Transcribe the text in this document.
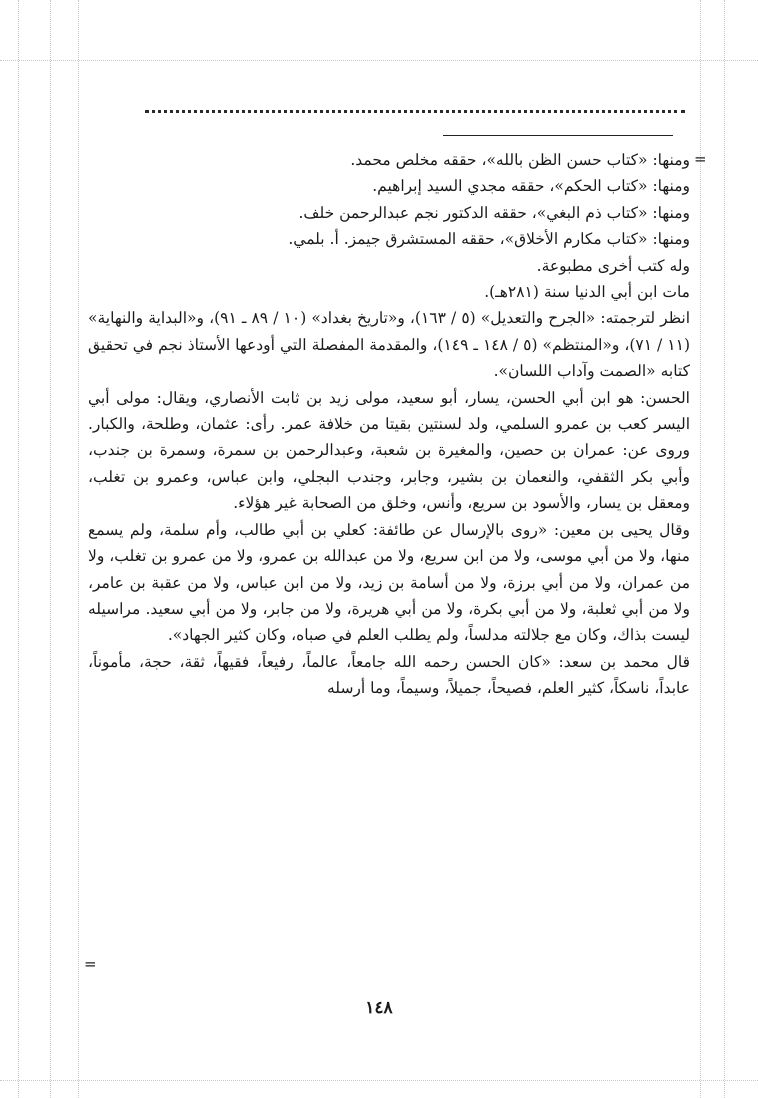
=
=

ومنها: «كتاب حسن الظن بالله»، حققه مخلص محمد.

ومنها: «كتاب الحكم»، حققه مجدي السيد إبراهيم.

ومنها: «كتاب ذم البغي»، حققه الدكتور نجم عبدالرحمن خلف.

ومنها: «كتاب مكارم الأخلاق»، حققه المستشرق جيمز. أ. بلمي.

وله كتب أخرى مطبوعة.

مات ابن أبي الدنيا سنة (٢٨١هـ).

انظر لترجمته: «الجرح والتعديل» (٥ / ١٦٣)، و«تاريخ بغداد» (١٠ / ٨٩ ـ ٩١)، و«البداية والنهاية» (١١ / ٧١)، و«المنتظم» (٥ / ١٤٨ ـ ١٤٩)، والمقدمة المفصلة التي أودعها الأستاذ نجم في تحقيق كتابه «الصمت وآداب اللسان».

الحسن: هو ابن أبي الحسن، يسار، أبو سعيد، مولى زيد بن ثابت الأنصاري، ويقال: مولى أبي اليسر كعب بن عمرو السلمي، ولد لسنتين بقيتا من خلافة عمر. رأى: عثمان، وطلحة، والكبار. وروى عن: عمران بن حصين، والمغيرة بن شعبة، وعبدالرحمن بن سمرة، وسمرة بن جندب، وأبي بكر الثقفي، والنعمان بن بشير، وجابر، وجندب البجلي، وابن عباس، وعمرو بن تغلب، ومعقل بن يسار، والأسود بن سريع، وأنس، وخلق من الصحابة غير هؤلاء.

وقال يحيى بن معين: «روى بالإرسال عن طائفة: كعلي بن أبي طالب، وأم سلمة، ولم يسمع منها، ولا من أبي موسى، ولا من ابن سريع، ولا من عبدالله بن عمرو، ولا من عمرو بن تغلب، ولا من عمران، ولا من أبي برزة، ولا من أسامة بن زيد، ولا من ابن عباس، ولا من عقبة بن عامر، ولا من أبي ثعلبة، ولا من أبي بكرة، ولا من أبي هريرة، ولا من جابر، ولا من أبي سعيد. مراسيله ليست بذاك، وكان مع جلالته مدلساً، ولم يطلب العلم في صباه، وكان كثير الجهاد».

قال محمد بن سعد: «كان الحسن رحمه الله جامعاً، عالماً، رفيعاً، فقيهاً، ثقة، حجة، مأموناً، عابداً، ناسكاً، كثير العلم، فصيحاً، جميلاً، وسيماً، وما أرسله

١٤٨
